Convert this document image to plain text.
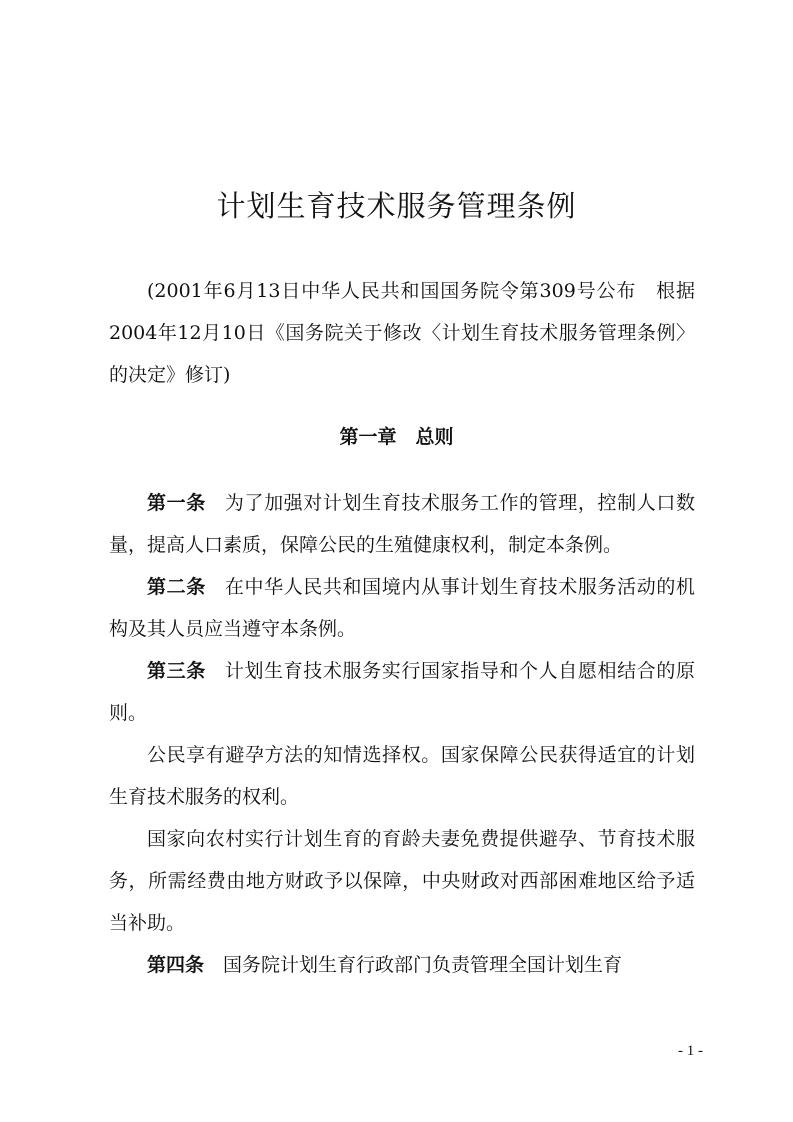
计划生育技术服务管理条例

(2001年6月13日中华人民共和国国务院令第309号公布　根据2004年12月10日《国务院关于修改〈计划生育技术服务管理条例〉的决定》修订)

第一章　总则

第一条 为了加强对计划生育技术服务工作的管理，控制人口数量，提高人口素质，保障公民的生殖健康权利，制定本条例。

第二条 在中华人民共和国境内从事计划生育技术服务活动的机构及其人员应当遵守本条例。

第三条 计划生育技术服务实行国家指导和个人自愿相结合的原则。

公民享有避孕方法的知情选择权。国家保障公民获得适宜的计划生育技术服务的权利。

国家向农村实行计划生育的育龄夫妻免费提供避孕、节育技术服务，所需经费由地方财政予以保障，中央财政对西部困难地区给予适当补助。

第四条 国务院计划生育行政部门负责管理全国计划生育

- 1 -
